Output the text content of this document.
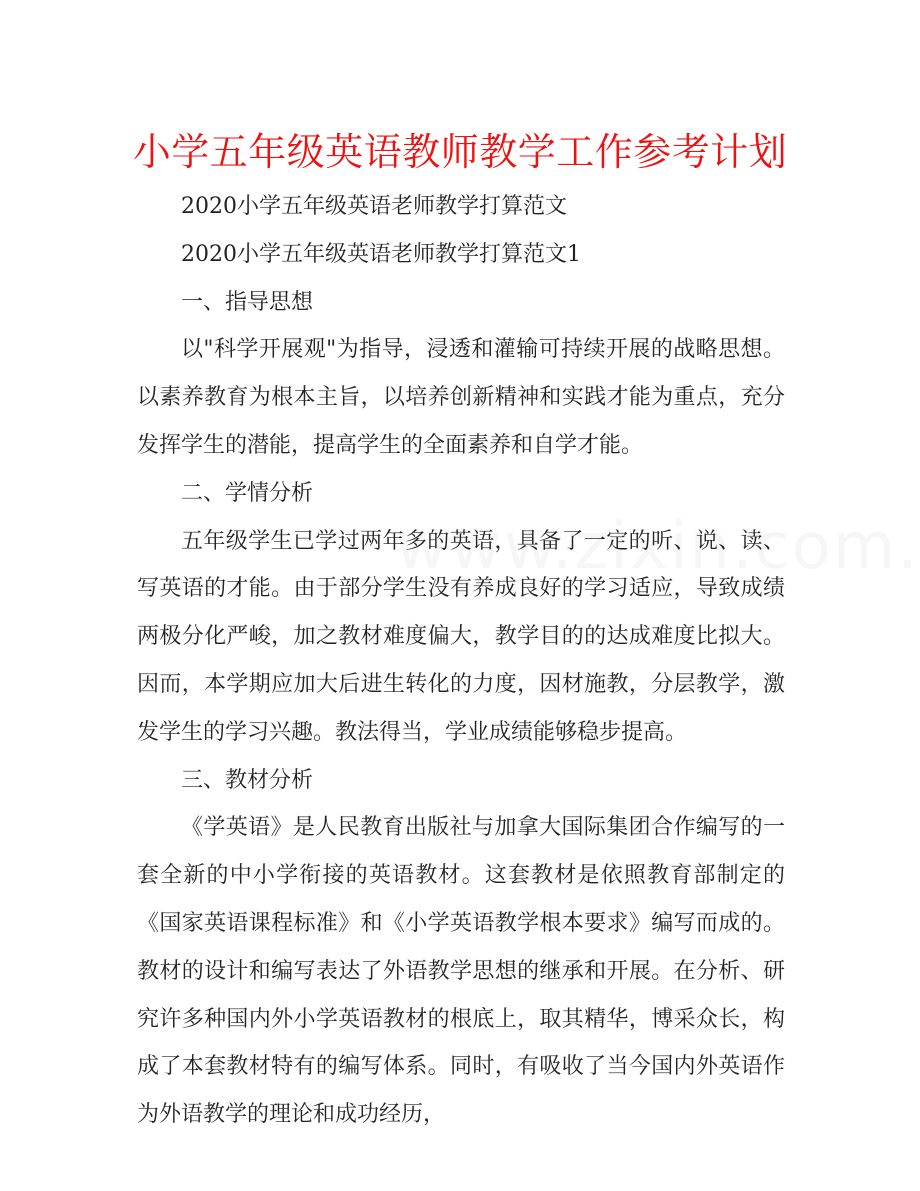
小学五年级英语教师教学工作参考计划

2020小学五年级英语老师教学打算范文

2020小学五年级英语老师教学打算范文1

一、指导思想

以"科学开展观"为指导，浸透和灌输可持续开展的战略思想。以素养教育为根本主旨，以培养创新精神和实践才能为重点，充分发挥学生的潜能，提高学生的全面素养和自学才能。

二、学情分析

五年级学生已学过两年多的英语，具备了一定的听、说、读、写英语的才能。由于部分学生没有养成良好的学习适应，导致成绩两极分化严峻，加之教材难度偏大，教学目的的达成难度比拟大。因而，本学期应加大后进生转化的力度，因材施教，分层教学，激发学生的学习兴趣。教法得当，学业成绩能够稳步提高。

三、教材分析

《学英语》是人民教育出版社与加拿大国际集团合作编写的一套全新的中小学衔接的英语教材。这套教材是依照教育部制定的《国家英语课程标准》和《小学英语教学根本要求》编写而成的。教材的设计和编写表达了外语教学思想的继承和开展。在分析、研究许多种国内外小学英语教材的根底上，取其精华，博采众长，构成了本套教材特有的编写体系。同时，有吸收了当今国内外英语作为外语教学的理论和成功经历，
